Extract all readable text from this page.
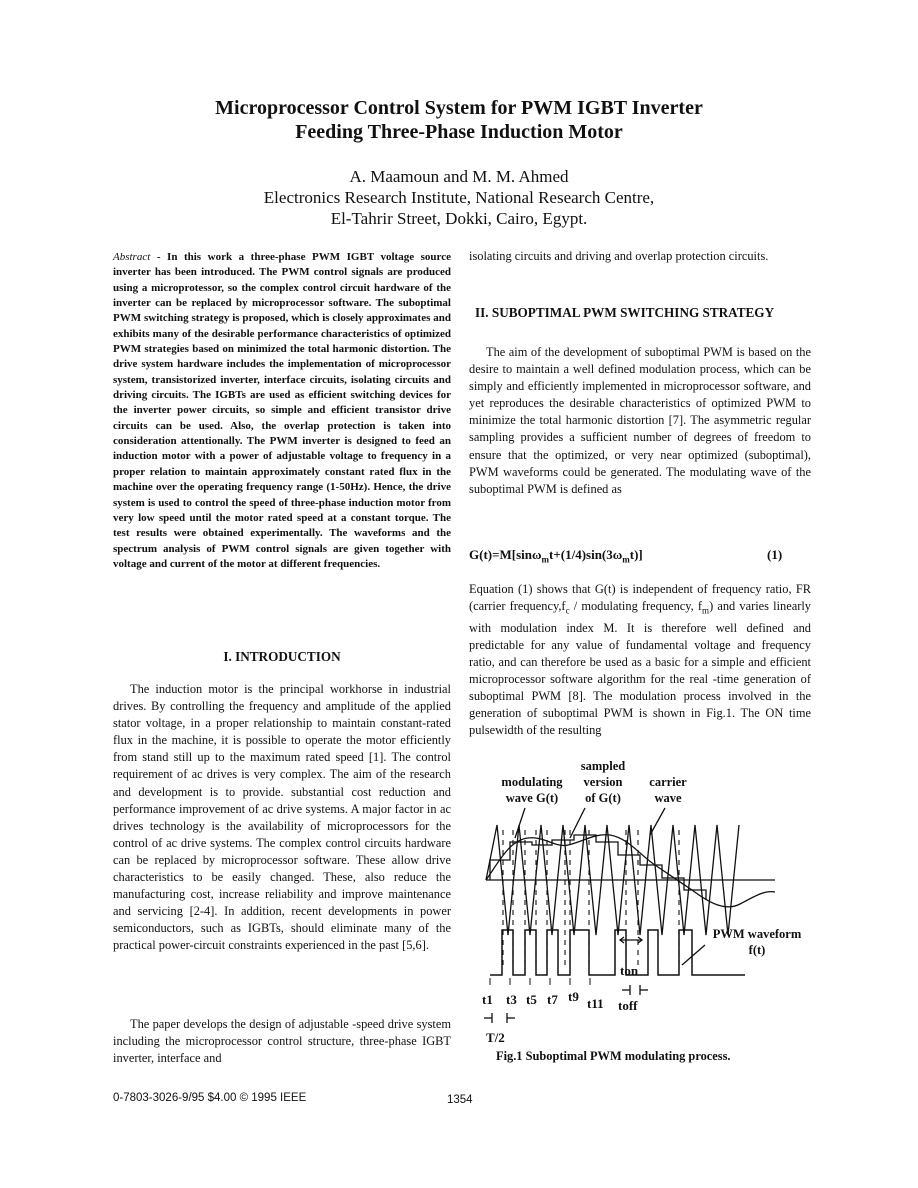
Microprocessor Control System for PWM IGBT Inverter
Feeding Three-Phase Induction Motor
A. Maamoun and M. M. Ahmed
Electronics Research Institute, National Research Centre,
El-Tahrir Street, Dokki, Cairo, Egypt.

Abstract - In this work a three-phase PWM IGBT voltage source inverter has been introduced. The PWM control signals are produced using a microprotessor, so the complex control circuit hardware of the inverter can be replaced by microprocessor software. The suboptimal PWM switching strategy is proposed, which is closely approximates and exhibits many of the desirable performance characteristics of optimized PWM strategies based on minimized the total harmonic distortion. The drive system hardware includes the implementation of microprocessor system, transistorized inverter, interface circuits, isolating circuits and driving circuits. The IGBTs are used as efficient switching devices for the inverter power circuits, so simple and efficient transistor drive circuits can be used. Also, the overlap protection is taken into consideration attentionally. The PWM inverter is designed to feed an induction motor with a power of adjustable voltage to frequency in a proper relation to maintain approximately constant rated flux in the machine over the operating frequency range (1-50Hz). Hence, the drive system is used to control the speed of three-phase induction motor from very low speed until the motor rated speed at a constant torque. The test results were obtained experimentally. The waveforms and the spectrum analysis of PWM control signals are given together with voltage and current of the motor at different frequencies.

I. INTRODUCTION

The induction motor is the principal workhorse in industrial drives. By controlling the frequency and amplitude of the applied stator voltage, in a proper relationship to maintain constant-rated flux in the machine, it is possible to operate the motor efficiently from stand still up to the maximum rated speed [1]. The control requirement of ac drives is very complex. The aim of the research and development is to provide. substantial cost reduction and performance improvement of ac drive systems. A major factor in ac drives technology is the availability of microprocessors for the control of ac drive systems. The complex control circuits hardware can be replaced by microprocessor software. These allow drive characteristics to be easily changed. These, also reduce the manufacturing cost, increase reliability and improve maintenance and servicing [2-4]. In addition, recent developments in power semiconductors, such as IGBTs, should eliminate many of the practical power-circuit constraints experienced in the past [5,6].

The paper develops the design of adjustable -speed drive system including the microprocessor control structure, three-phase IGBT inverter, interface and

isolating circuits and driving and overlap protection circuits.

II. SUBOPTIMAL PWM SWITCHING STRATEGY

The aim of the development of suboptimal PWM is based on the desire to maintain a well defined modulation process, which can be simply and efficiently implemented in microprocessor software, and yet reproduces the desirable characteristics of optimized PWM to minimize the total harmonic distortion [7]. The asymmetric regular sampling provides a sufficient number of degrees of freedom to ensure that the optimized, or very near optimized (suboptimal), PWM waveforms could be generated. The modulating wave of the suboptimal PWM is defined as

$G(t)=M[\sin\omega_mt+(1/4)\sin(3\omega_mt)]$	(1)

Equation (1) shows that G(t) is independent of frequency ratio, FR (carrier $frequency,f_c$ / modulating frequency, $f_m$) and varies linearly with modulation index M. It is therefore well defined and predictable for any value of fundamental voltage and frequency ratio, and can therefore be used as a basic for a simple and efficient microprocessor software algorithm for the real -time generation of suboptimal PWM [8]. The modulation process involved in the generation of suboptimal PWM is shown in Fig.1. The ON time pulsewidth of the resulting

modulating
wave G(t)
sampled
version
of G(t)
carrier
wave
PWM waveform
f(t)
ton
t1 t3 t5 t7 t9 t11 toff
T/2
Fig.1 Suboptimal PWM modulating process.
0-7803-3026-9/95 $4.00 © 1995 IEEE	1354
